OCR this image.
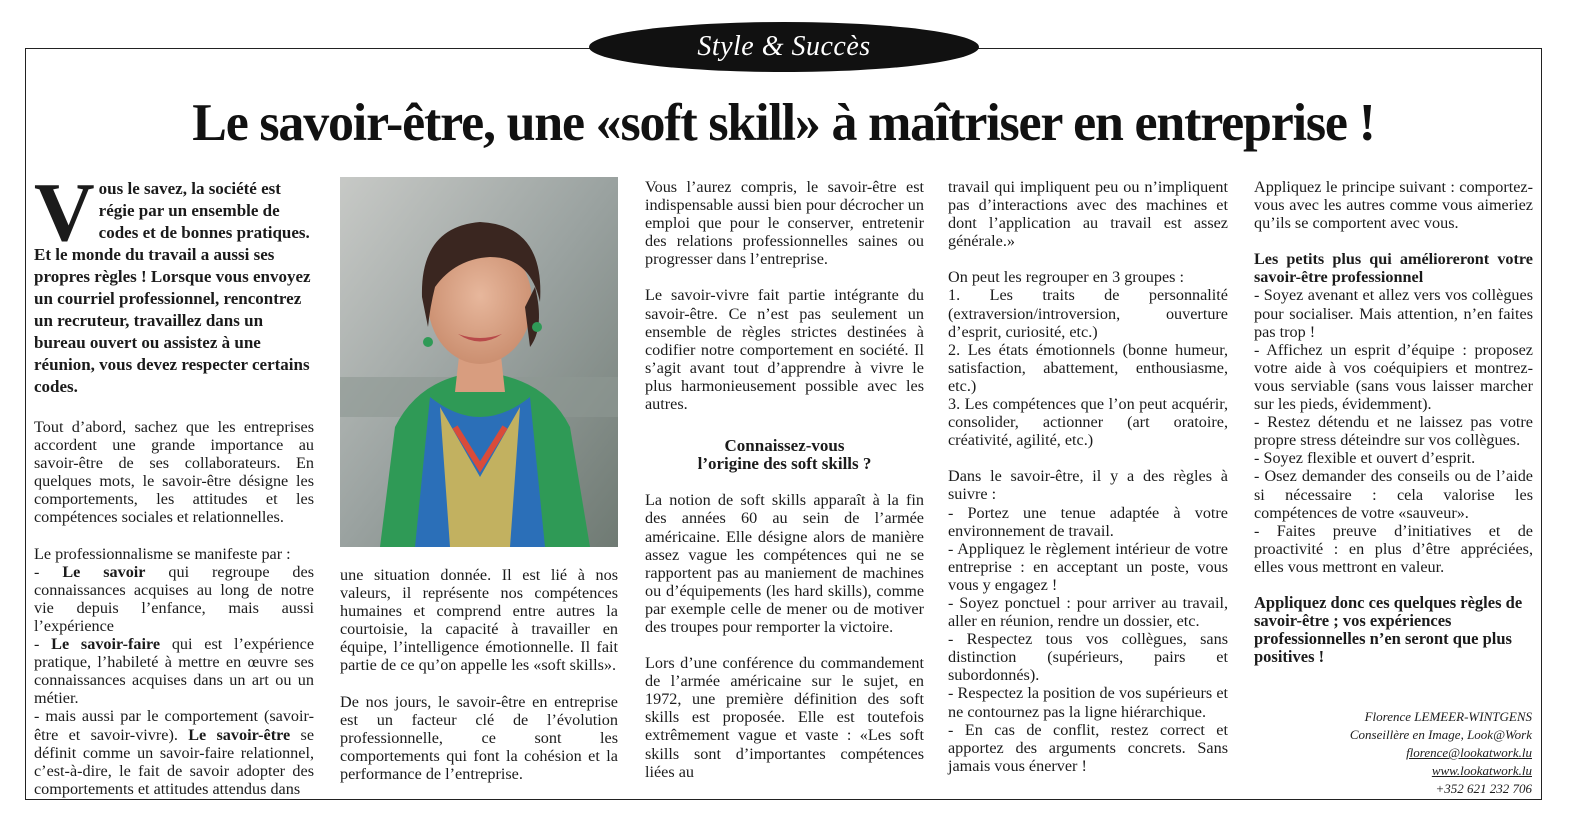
Style & Succès
Le savoir-être, une «soft skill» à maîtriser en entreprise !

Vous le savez, la société est régie par un ensemble de codes et de bonnes pratiques. Et le monde du travail a aussi ses propres règles ! Lorsque vous envoyez un courriel professionnel, rencontrez un recruteur, travaillez dans un bureau ouvert ou assistez à une réunion, vous devez respecter certains codes.

Tout d’abord, sachez que les entreprises accordent une grande importance au savoir-être de ses collaborateurs. En quelques mots, le savoir-être désigne les comportements, les attitudes et les compétences sociales et relationnelles.

Le professionnalisme se manifeste par :
- Le savoir qui regroupe des connaissances acquises au long de notre vie depuis l’enfance, mais aussi l’expérience
- Le savoir-faire qui est l’expérience pratique, l’habileté à mettre en œuvre ses connaissances acquises dans un art ou un métier.
- mais aussi par le comportement (savoir-être et savoir-vivre). Le savoir-être se définit comme un savoir-faire relationnel, c’est-à-dire, le fait de savoir adopter des comportements et attitudes attendus dans

une situation donnée. Il est lié à nos valeurs, il représente nos compétences humaines et comprend entre autres la courtoisie, la capacité à travailler en équipe, l’intelligence émotionnelle. Il fait partie de ce qu’on appelle les «soft skills».

De nos jours, le savoir-être en entreprise est un facteur clé de l’évolution professionnelle, ce sont les comportements qui font la cohésion et la performance de l’entreprise.

Vous l’aurez compris, le savoir-être est indispensable aussi bien pour décrocher un emploi que pour le conserver, entretenir des relations professionnelles saines ou progresser dans l’entreprise.

Le savoir-vivre fait partie intégrante du savoir-être. Ce n’est pas seulement un ensemble de règles strictes destinées à codifier notre comportement en société. Il s’agit avant tout d’apprendre à vivre le plus harmonieusement possible avec les autres.

Connaissez-vous
l’origine des soft skills ?

La notion de soft skills apparaît à la fin des années 60 au sein de l’armée américaine. Elle désigne alors de manière assez vague les compétences qui ne se rapportent pas au maniement de machines ou d’équipements (les hard skills), comme par exemple celle de mener ou de motiver des troupes pour remporter la victoire.

Lors d’une conférence du commandement de l’armée américaine sur le sujet, en 1972, une première définition des soft skills est proposée. Elle est toutefois extrêmement vague et vaste : «Les soft skills sont d’importantes compétences liées au

travail qui impliquent peu ou n’impliquent pas d’interactions avec des machines et dont l’application au travail est assez générale.»

On peut les regrouper en 3 groupes :
1. Les traits de personnalité (extraversion/introversion, ouverture d’esprit, curiosité, etc.)
2. Les états émotionnels (bonne humeur, satisfaction, abattement, enthousiasme, etc.)
3. Les compétences que l’on peut acquérir, consolider, actionner (art oratoire, créativité, agilité, etc.)

Dans le savoir-être, il y a des règles à suivre :
- Portez une tenue adaptée à votre environnement de travail.
- Appliquez le règlement intérieur de votre entreprise : en acceptant un poste, vous vous y engagez !
- Soyez ponctuel : pour arriver au travail, aller en réunion, rendre un dossier, etc.
- Respectez tous vos collègues, sans distinction (supérieurs, pairs et subordonnés).
- Respectez la position de vos supérieurs et ne contournez pas la ligne hiérarchique.
- En cas de conflit, restez correct et apportez des arguments concrets. Sans jamais vous énerver !

Appliquez le principe suivant : comportez-vous avec les autres comme vous aimeriez qu’ils se comportent avec vous.

Les petits plus qui amélioreront votre savoir-être professionnel
- Soyez avenant et allez vers vos collègues pour socialiser. Mais attention, n’en faites pas trop !
- Affichez un esprit d’équipe : proposez votre aide à vos coéquipiers et montrez-vous serviable (sans vous laisser marcher sur les pieds, évidemment).
- Restez détendu et ne laissez pas votre propre stress déteindre sur vos collègues.
- Soyez flexible et ouvert d’esprit.
- Osez demander des conseils ou de l’aide si nécessaire : cela valorise les compétences de votre «sauveur».
- Faites preuve d’initiatives et de proactivité : en plus d’être appréciées, elles vous mettront en valeur.

Appliquez donc ces quelques règles de savoir-être ; vos expériences professionnelles n’en seront que plus positives !

Florence LEMEER-WINTGENS
Conseillère en Image, Look@Work
florence@lookatwork.lu
www.lookatwork.lu
+352 621 232 706
